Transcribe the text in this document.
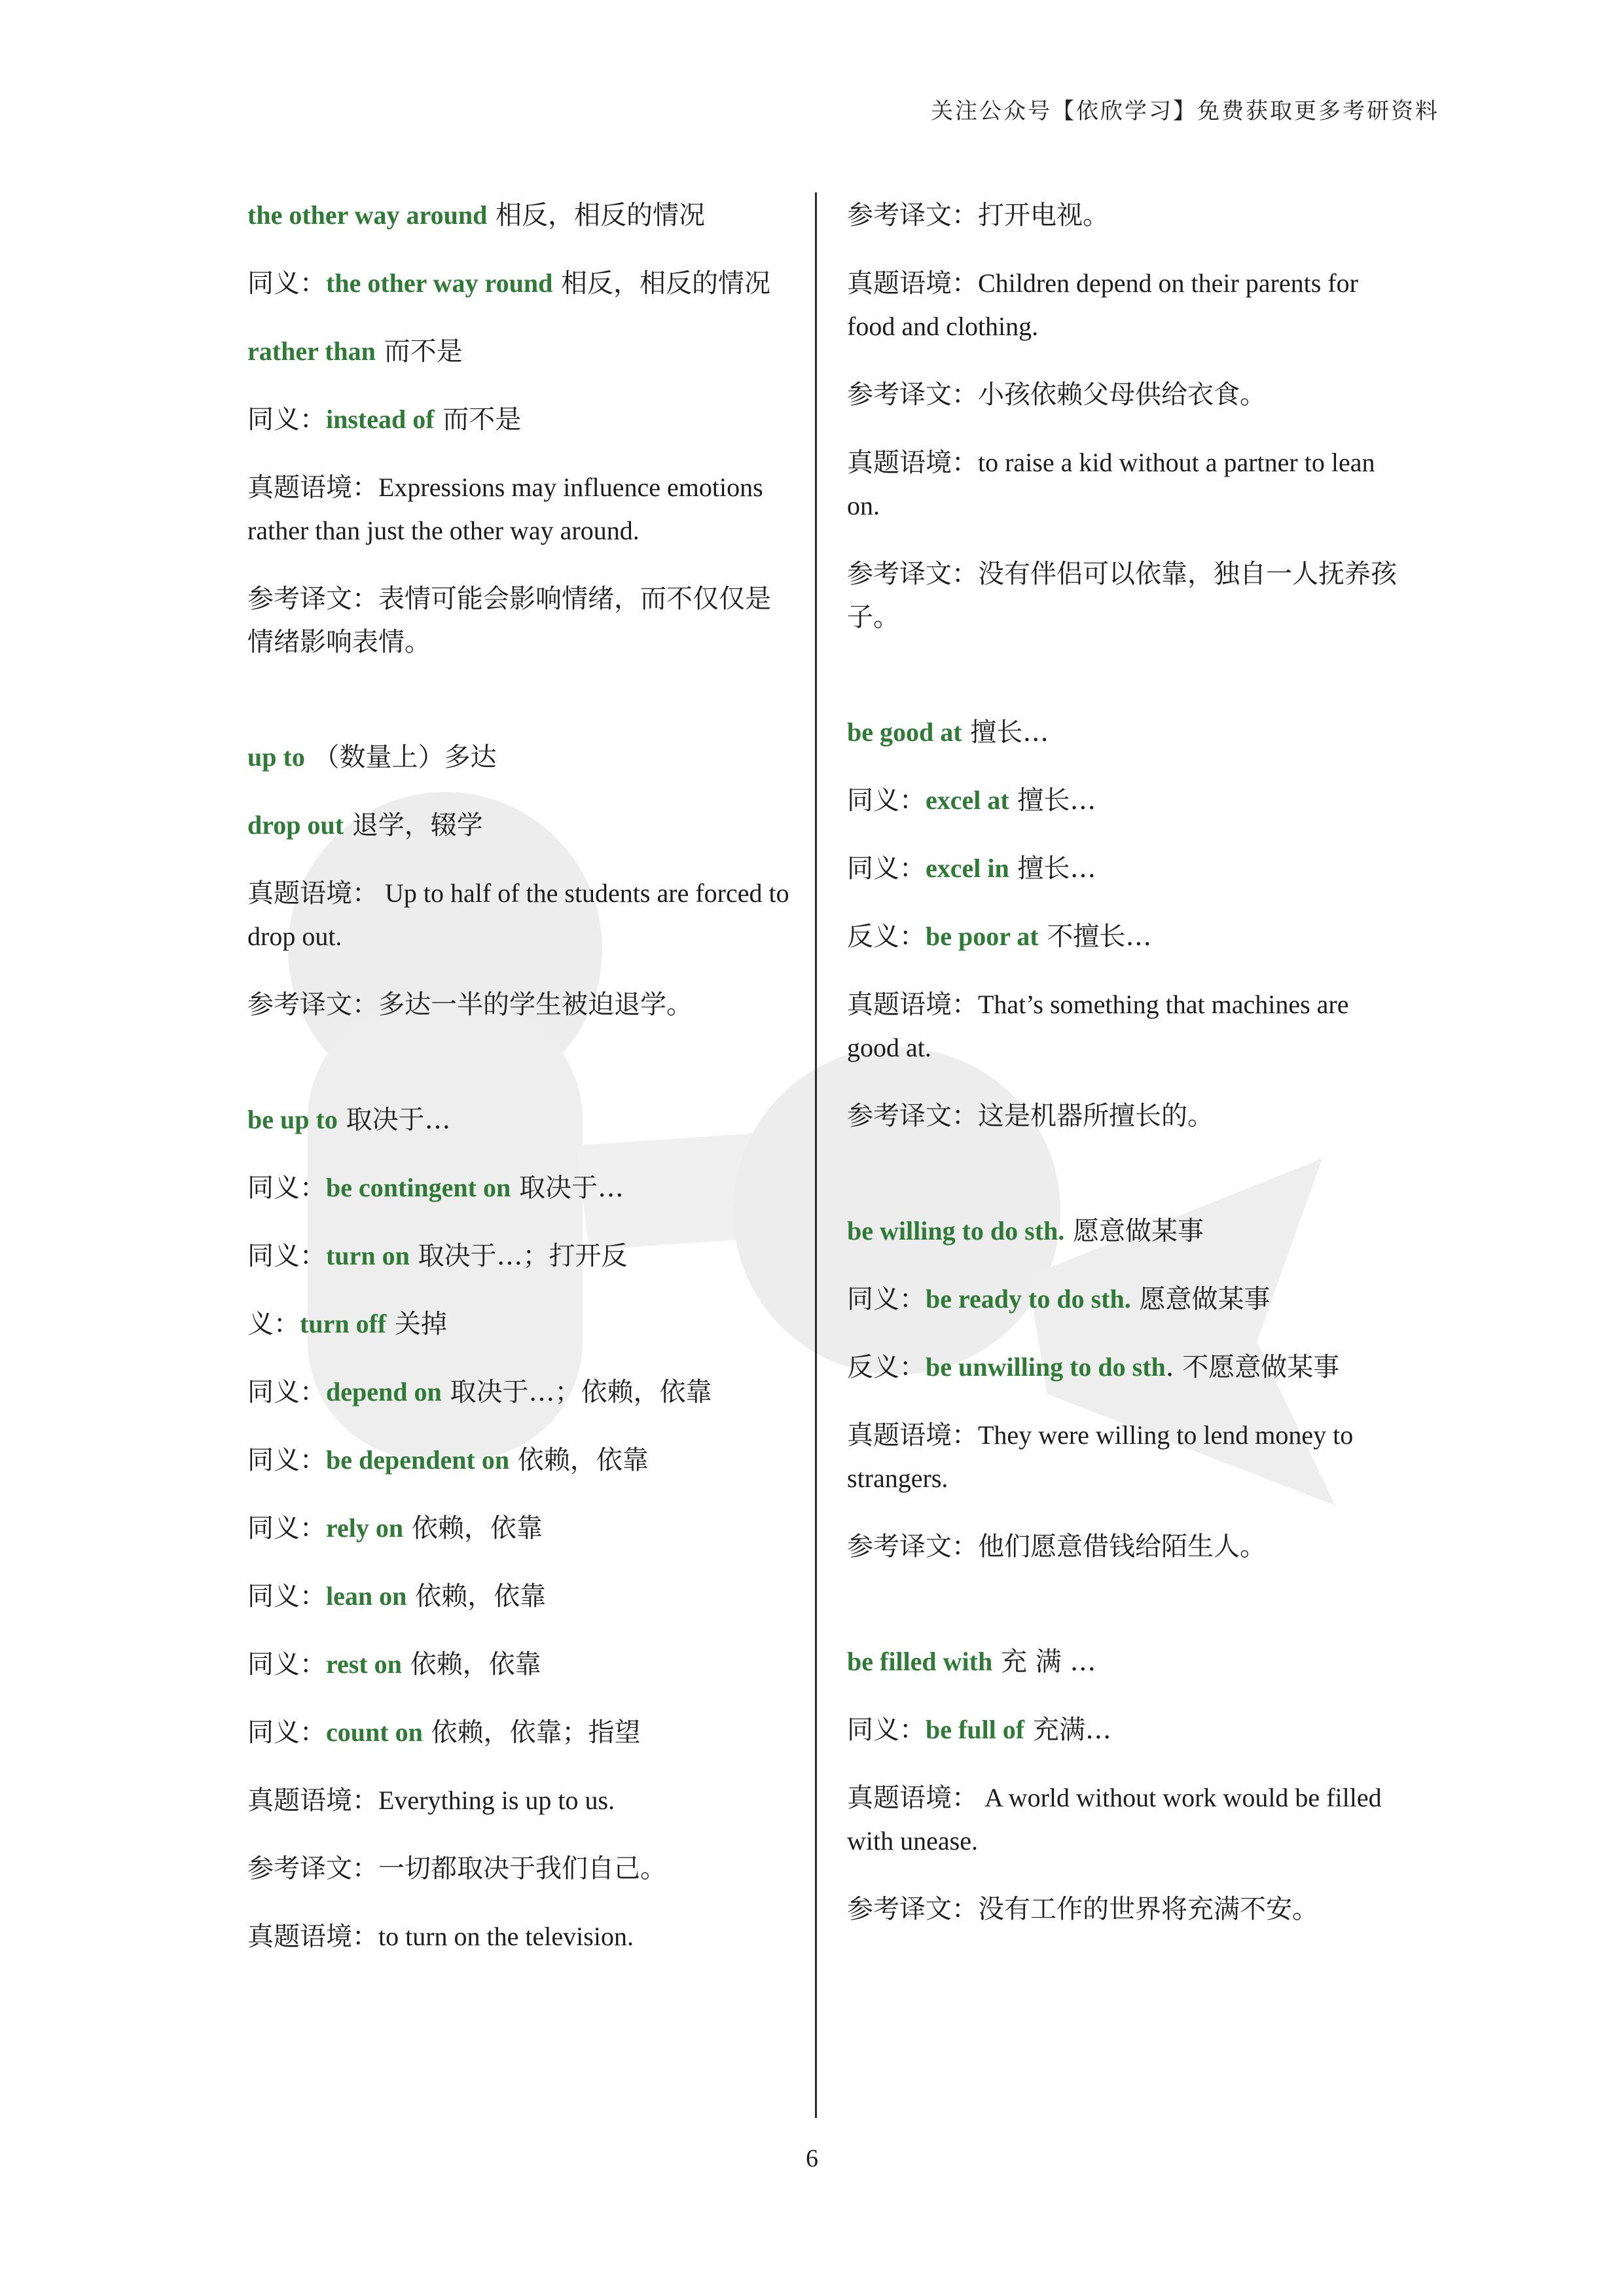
关注公众号【依欣学习】免费获取更多考研资料
the other way around 相反，相反的情况
同义：the other way round 相反，相反的情况
rather than 而不是
同义：instead of 而不是
真题语境：Expressions may influence emotions rather than just the other way around.
参考译文：表情可能会影响情绪，而不仅仅是情绪影响表情。
up to （数量上）多达
drop out 退学，辍学
真题语境： Up to half of the students are forced to drop out.
参考译文：多达一半的学生被迫退学。
be up to 取决于…
同义：be contingent on 取决于…
同义：turn on 取决于…；打开反
义：turn off 关掉
同义：depend on 取决于…；依赖，依靠
同义：be dependent on 依赖，依靠
同义：rely on 依赖，依靠
同义：lean on 依赖，依靠
同义：rest on 依赖，依靠
同义：count on 依赖，依靠；指望
真题语境：Everything is up to us.
参考译文：一切都取决于我们自己。
真题语境：to turn on the television.
参考译文：打开电视。
真题语境：Children depend on their parents for food and clothing.
参考译文：小孩依赖父母供给衣食。
真题语境：to raise a kid without a partner to lean on.
参考译文：没有伴侣可以依靠，独自一人抚养孩子。
be good at 擅长…
同义：excel at 擅长…
同义：excel in 擅长…
反义：be poor at 不擅长…
真题语境：That’s something that machines are good at.
参考译文：这是机器所擅长的。
be willing to do sth. 愿意做某事
同义：be ready to do sth. 愿意做某事
反义：be unwilling to do sth. 不愿意做某事
真题语境：They were willing to lend money to strangers.
参考译文：他们愿意借钱给陌生人。
be filled with 充 满 …
同义：be full of 充满…
真题语境： A world without work would be filled with unease.
参考译文：没有工作的世界将充满不安。
6
